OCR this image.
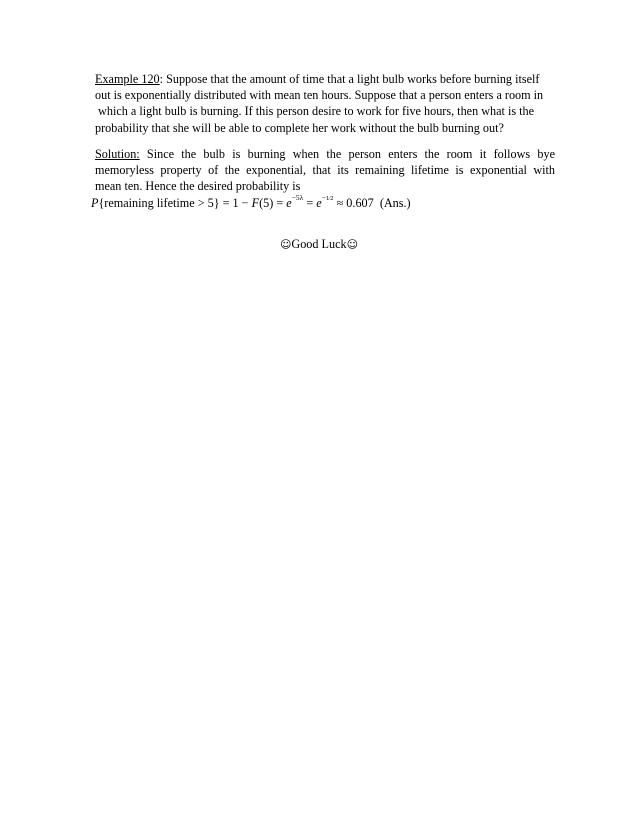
Example 120: Suppose that the amount of time that a light bulb works before burning itself
out is exponentially distributed with mean ten hours. Suppose that a person enters a room in
which a light bulb is burning. If this person desire to work for five hours, then what is the
probability that she will be able to complete her work without the bulb burning out?
Solution: Since the bulb is burning when the person enters the room it follows bye
memoryless property of the exponential, that its remaining lifetime is exponential with
mean ten. Hence the desired probability is
P{remaining lifetime > $5\} = 1 - F(5) = e^{-5\lambda} = e^{-1⁄2} \approx 0.607$  (Ans.)
☺Good Luck☺
